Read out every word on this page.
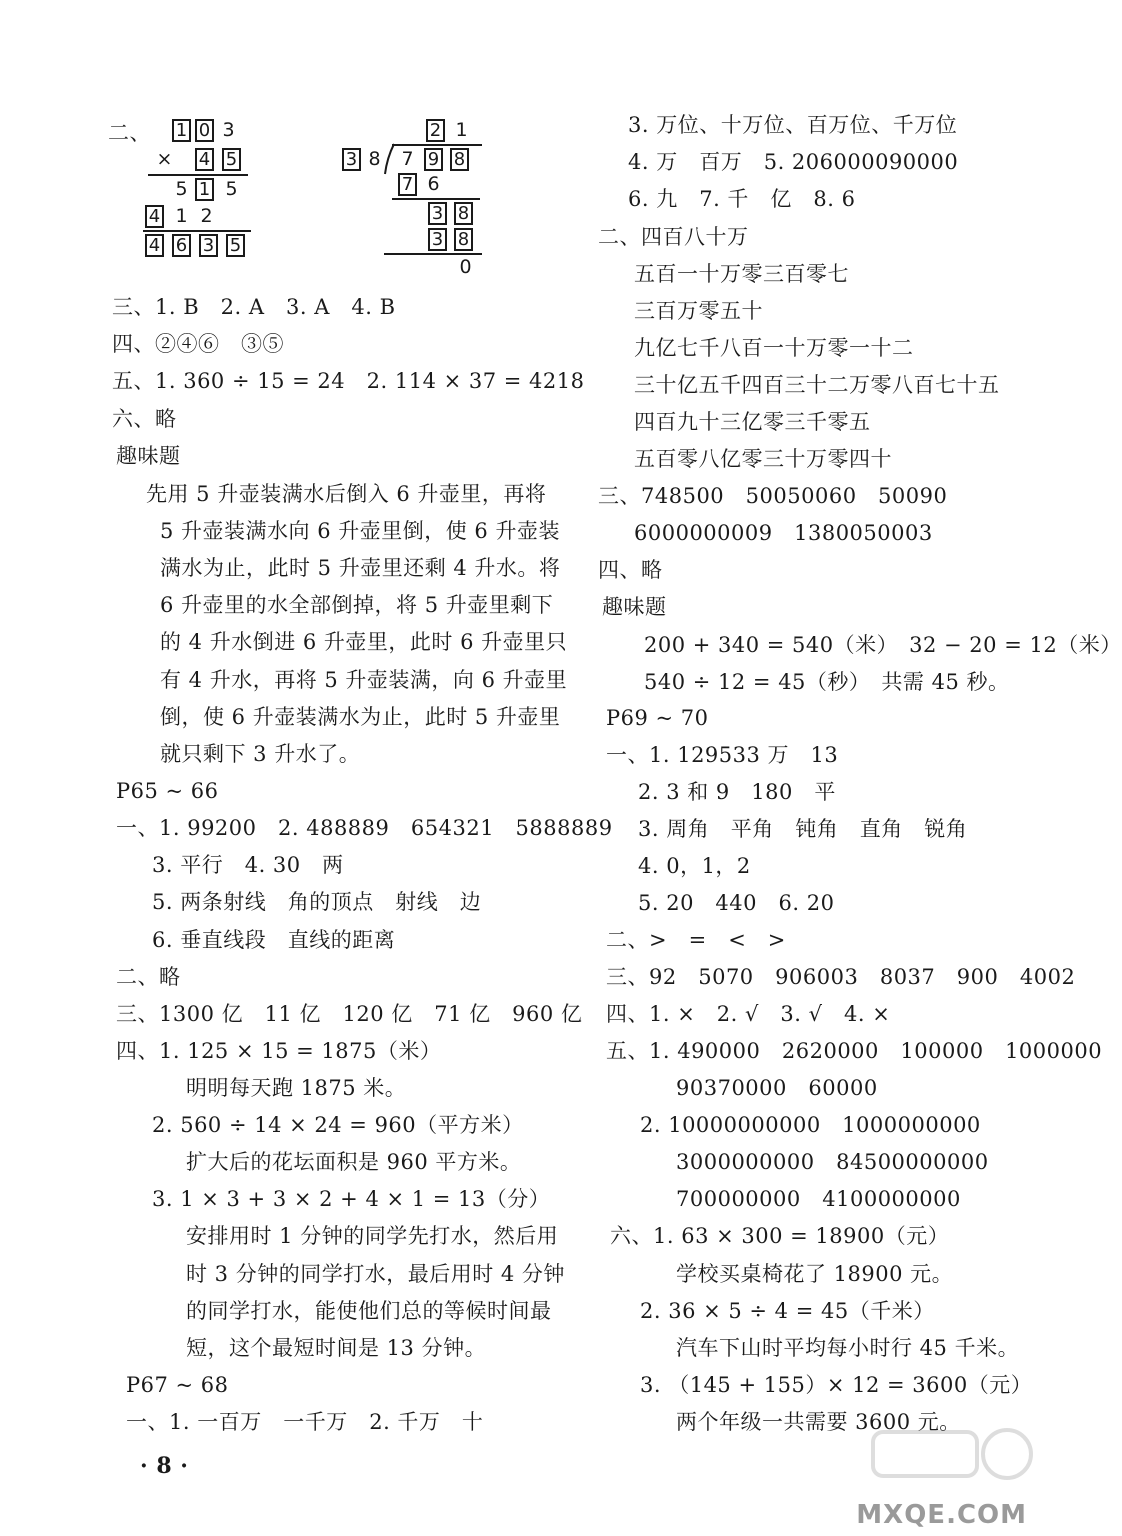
二、 1 0 3
× 4 5
5 1 5
4 1 2
4 6 3 5
2 1
3 8 7 9 8
7 6
3 8
3 8
0
三、1. B　2. A　3. A　4. B
四、②④⑥　③⑤
五、1. 360 ÷ 15 = 24　2. 114 × 37 = 4218
六、略
趣味题
先用 5 升壶装满水后倒入 6 升壶里，再将
5 升壶装满水向 6 升壶里倒，使 6 升壶装
满水为止，此时 5 升壶里还剩 4 升水。将
6 升壶里的水全部倒掉，将 5 升壶里剩下
的 4 升水倒进 6 升壶里，此时 6 升壶里只
有 4 升水，再将 5 升壶装满，向 6 升壶里
倒，使 6 升壶装满水为止，此时 5 升壶里
就只剩下 3 升水了。
P65 ~ 66
一、1. 99200　2. 488889　654321　5888889
3. 平行　4. 30　两
5. 两条射线　角的顶点　射线　边
6. 垂直线段　直线的距离
二、略
三、1300 亿　11 亿　120 亿　71 亿　960 亿
四、1. 125 × 15 = 1875（米）
明明每天跑 1875 米。
2. 560 ÷ 14 × 24 = 960（平方米）
扩大后的花坛面积是 960 平方米。
3. 1 × 3 + 3 × 2 + 4 × 1 = 13（分）
安排用时 1 分钟的同学先打水，然后用
时 3 分钟的同学打水，最后用时 4 分钟
的同学打水，能使他们总的等候时间最
短，这个最短时间是 13 分钟。
P67 ~ 68
一、1. 一百万　一千万　2. 千万　十
· 8 ·
3. 万位、十万位、百万位、千万位
4. 万　百万　5. 206000090000
6. 九　7. 千　亿　8. 6
二、四百八十万
五百一十万零三百零七
三百万零五十
九亿七千八百一十万零一十二
三十亿五千四百三十二万零八百七十五
四百九十三亿零三千零五
五百零八亿零三十万零四十
三、748500　50050060　50090
6000000009　1380050003
四、略
趣味题
200 + 340 = 540（米）　32 − 20 = 12（米）
540 ÷ 12 = 45（秒）　共需 45 秒。
P69 ~ 70
一、1. 129533 万　13
2. 3 和 9　180　平
3. 周角　平角　钝角　直角　锐角
4. 0，1，2
5. 20　440　6. 20
二、>　=　<　>
三、92　5070　906003　8037　900　4002
四、1. ×　2. √　3. √　4. ×
五、1. 490000　2620000　100000　1000000
90370000　60000
2. 10000000000　1000000000
3000000000　84500000000
700000000　4100000000
六、1. 63 × 300 = 18900（元）
学校买桌椅花了 18900 元。
2. 36 × 5 ÷ 4 = 45（千米）
汽车下山时平均每小时行 45 千米。
3. （145 + 155）× 12 = 3600（元）
两个年级一共需要 3600 元。
MXQE.COM
